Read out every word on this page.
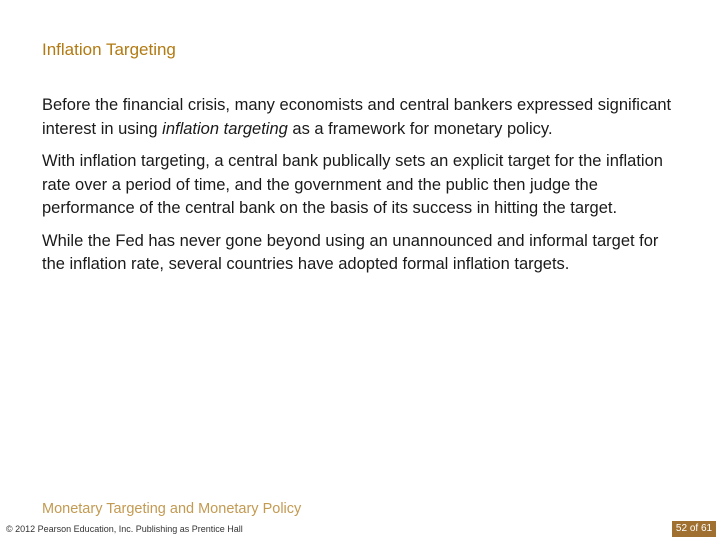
Inflation Targeting

Before the financial crisis, many economists and central bankers expressed significant interest in using inflation targeting as a framework for monetary policy.

With inflation targeting, a central bank publically sets an explicit target for the inflation rate over a period of time, and the government and the public then judge the performance of the central bank on the basis of its success in hitting the target.

While the Fed has never gone beyond using an unannounced and informal target for the inflation rate, several countries have adopted formal inflation targets.

Monetary Targeting and Monetary Policy
© 2012 Pearson Education, Inc. Publishing as Prentice Hall	52 of 61
